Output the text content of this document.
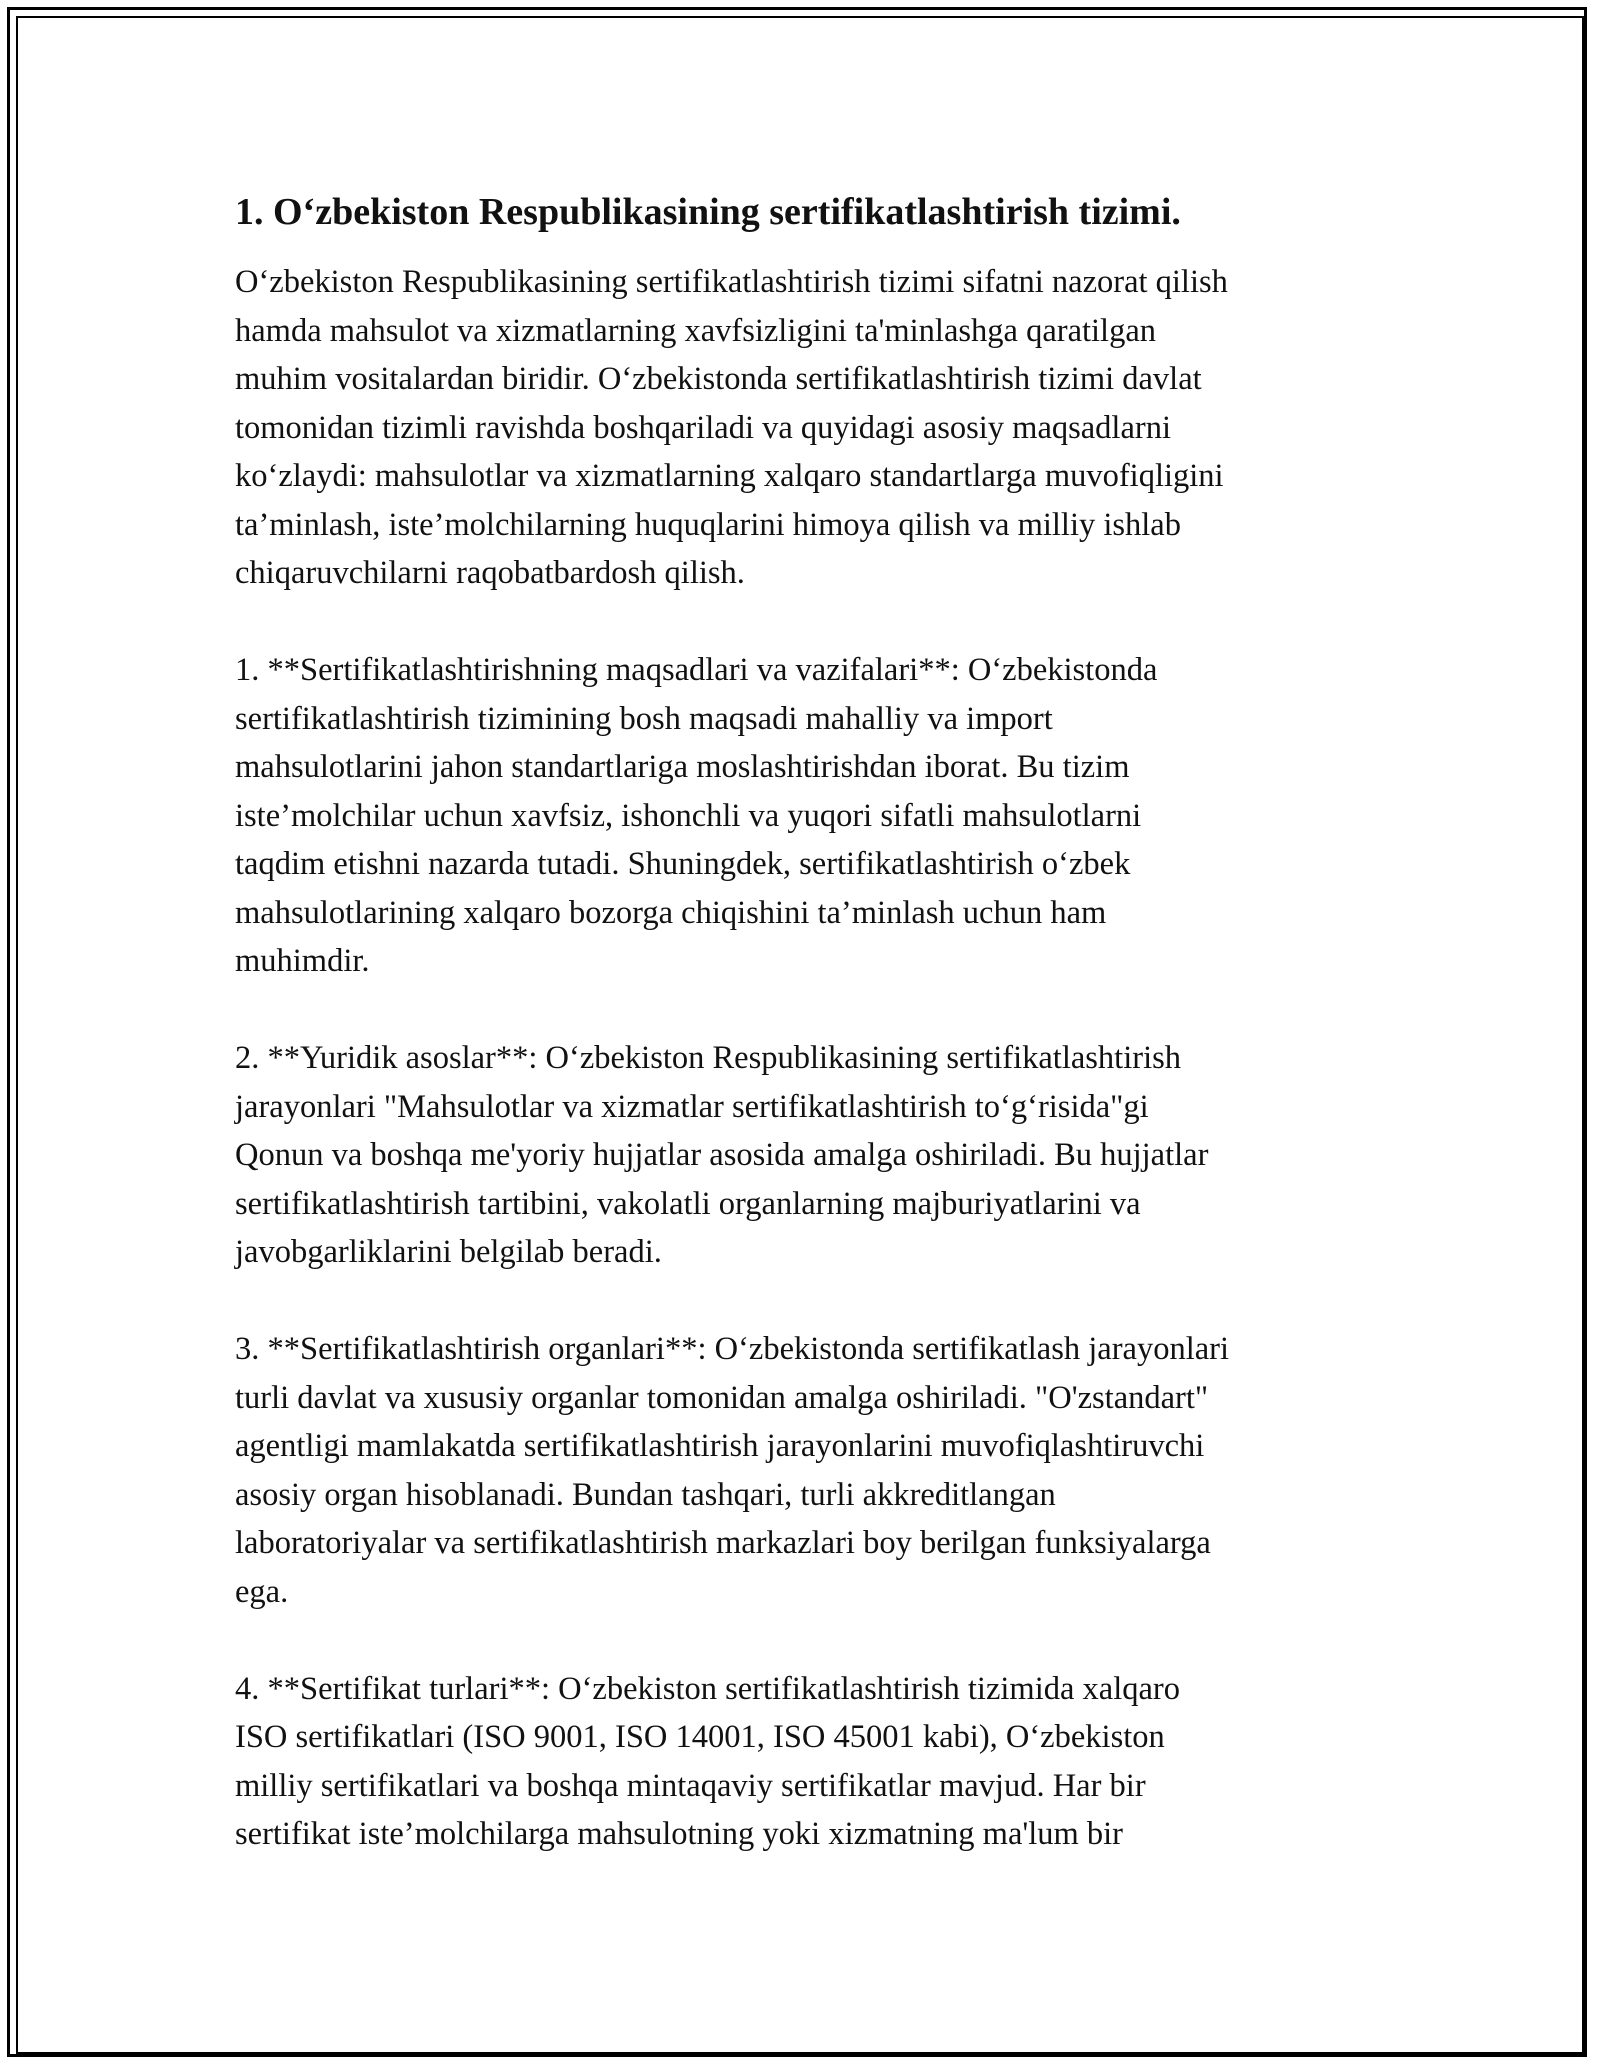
1. O‘zbekiston Respublikasining sertifikatlashtirish tizimi.
O‘zbekiston Respublikasining sertifikatlashtirish tizimi sifatni nazorat qilish
hamda mahsulot va xizmatlarning xavfsizligini ta'minlashga qaratilgan
muhim vositalardan biridir. O‘zbekistonda sertifikatlashtirish tizimi davlat
tomonidan tizimli ravishda boshqariladi va quyidagi asosiy maqsadlarni
ko‘zlaydi: mahsulotlar va xizmatlarning xalqaro standartlarga muvofiqligini
ta’minlash, iste’molchilarning huquqlarini himoya qilish va milliy ishlab
chiqaruvchilarni raqobatbardosh qilish.
1. **Sertifikatlashtirishning maqsadlari va vazifalari**: O‘zbekistonda
sertifikatlashtirish tizimining bosh maqsadi mahalliy va import
mahsulotlarini jahon standartlariga moslashtirishdan iborat. Bu tizim
iste’molchilar uchun xavfsiz, ishonchli va yuqori sifatli mahsulotlarni
taqdim etishni nazarda tutadi. Shuningdek, sertifikatlashtirish o‘zbek
mahsulotlarining xalqaro bozorga chiqishini ta’minlash uchun ham
muhimdir.
2. **Yuridik asoslar**: O‘zbekiston Respublikasining sertifikatlashtirish
jarayonlari "Mahsulotlar va xizmatlar sertifikatlashtirish to‘g‘risida"gi
Qonun va boshqa me'yoriy hujjatlar asosida amalga oshiriladi. Bu hujjatlar
sertifikatlashtirish tartibini, vakolatli organlarning majburiyatlarini va
javobgarliklarini belgilab beradi.
3. **Sertifikatlashtirish organlari**: O‘zbekistonda sertifikatlash jarayonlari
turli davlat va xususiy organlar tomonidan amalga oshiriladi. "O'zstandart"
agentligi mamlakatda sertifikatlashtirish jarayonlarini muvofiqlashtiruvchi
asosiy organ hisoblanadi. Bundan tashqari, turli akkreditlangan
laboratoriyalar va sertifikatlashtirish markazlari boy berilgan funksiyalarga
ega.
4. **Sertifikat turlari**: O‘zbekiston sertifikatlashtirish tizimida xalqaro
ISO sertifikatlari (ISO 9001, ISO 14001, ISO 45001 kabi), O‘zbekiston
milliy sertifikatlari va boshqa mintaqaviy sertifikatlar mavjud. Har bir
sertifikat iste’molchilarga mahsulotning yoki xizmatning ma'lum bir
